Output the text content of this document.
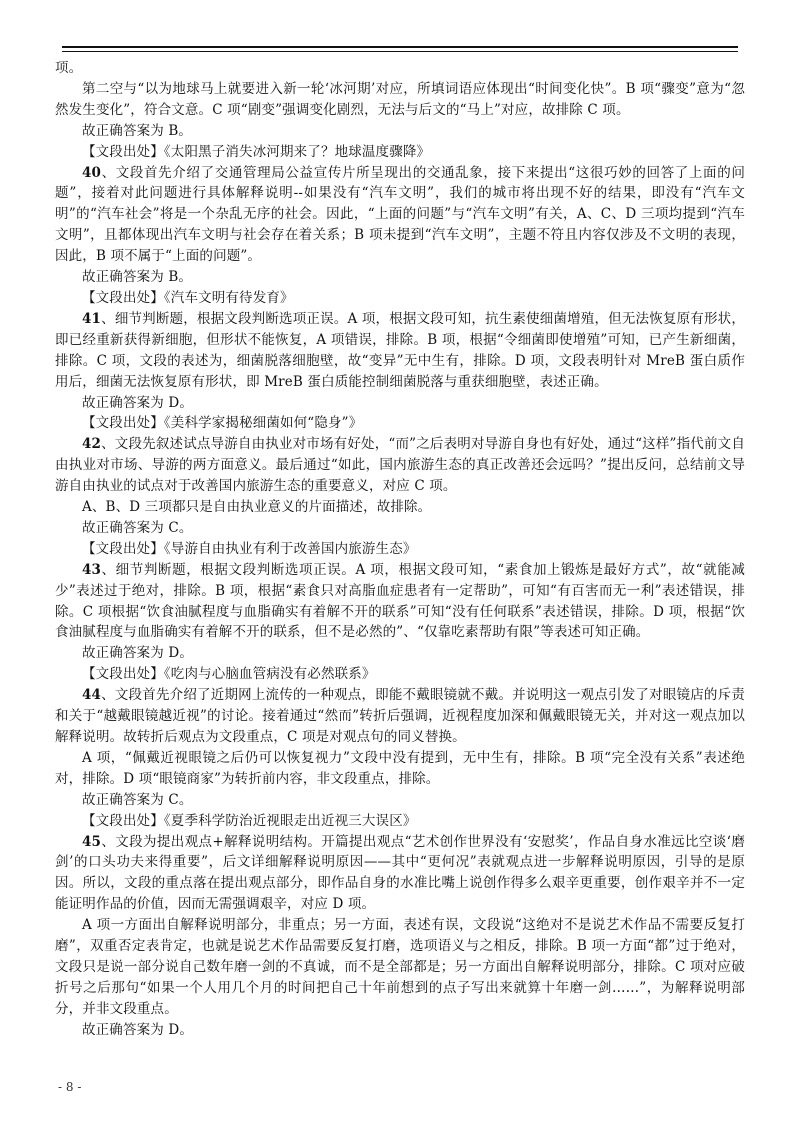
项。

第二空与“以为地球马上就要进入新一轮‘冰河期’对应，所填词语应体现出“时间变化快”。B 项“骤变”意为“忽然发生变化”，符合文意。C 项“剧变”强调变化剧烈，无法与后文的“马上”对应，故排除 C 项。

故正确答案为 B。

【文段出处】《太阳黑子消失冰河期来了？地球温度骤降》

40、文段首先介绍了交通管理局公益宣传片所呈现出的交通乱象，接下来提出“这很巧妙的回答了上面的问题”，接着对此问题进行具体解释说明--如果没有“汽车文明”，我们的城市将出现不好的结果，即没有“汽车文明”的“汽车社会”将是一个杂乱无序的社会。因此，“上面的问题”与“汽车文明”有关，A、C、D 三项均提到“汽车文明”，且都体现出汽车文明与社会存在着关系；B 项未提到“汽车文明”，主题不符且内容仅涉及不文明的表现，因此，B 项不属于“上面的问题”。

故正确答案为 B。

【文段出处】《汽车文明有待发育》

41、细节判断题，根据文段判断选项正误。A 项，根据文段可知，抗生素使细菌增殖，但无法恢复原有形状，即已经重新获得新细胞，但形状不能恢复，A 项错误，排除。B 项，根据“令细菌即使增殖”可知，已产生新细菌，排除。C 项，文段的表述为，细菌脱落细胞壁，故“变异”无中生有，排除。D 项，文段表明针对 MreB 蛋白质作用后，细菌无法恢复原有形状，即 MreB 蛋白质能控制细菌脱落与重获细胞壁，表述正确。

故正确答案为 D。

【文段出处】《美科学家揭秘细菌如何“隐身”》

42、文段先叙述试点导游自由执业对市场有好处，“而”之后表明对导游自身也有好处，通过“这样”指代前文自由执业对市场、导游的两方面意义。最后通过“如此，国内旅游生态的真正改善还会远吗？”提出反问，总结前文导游自由执业的试点对于改善国内旅游生态的重要意义，对应 C 项。

A、B、D 三项都只是自由执业意义的片面描述，故排除。

故正确答案为 C。

【文段出处】《导游自由执业有利于改善国内旅游生态》

43、细节判断题，根据文段判断选项正误。A 项，根据文段可知，“素食加上锻炼是最好方式”，故“就能减少”表述过于绝对，排除。B 项，根据“素食只对高脂血症患者有一定帮助”，可知“有百害而无一利”表述错误，排除。C 项根据“饮食油腻程度与血脂确实有着解不开的联系”可知“没有任何联系”表述错误，排除。D 项，根据“饮食油腻程度与血脂确实有着解不开的联系，但不是必然的”、“仅靠吃素帮助有限”等表述可知正确。

故正确答案为 D。

【文段出处】《吃肉与心脑血管病没有必然联系》

44、文段首先介绍了近期网上流传的一种观点，即能不戴眼镜就不戴。并说明这一观点引发了对眼镜店的斥责和关于“越戴眼镜越近视”的讨论。接着通过“然而”转折后强调，近视程度加深和佩戴眼镜无关，并对这一观点加以解释说明。故转折后观点为文段重点，C 项是对观点句的同义替换。

A 项，“佩戴近视眼镜之后仍可以恢复视力”文段中没有提到，无中生有，排除。B 项“完全没有关系”表述绝对，排除。D 项“眼镜商家”为转折前内容，非文段重点，排除。

故正确答案为 C。

【文段出处】《夏季科学防治近视眼走出近视三大误区》

45、文段为提出观点+解释说明结构。开篇提出观点“艺术创作世界没有‘安慰奖’，作品自身水准远比空谈‘磨剑’的口头功夫来得重要”，后文详细解释说明原因——其中“更何况”表就观点进一步解释说明原因，引导的是原因。所以，文段的重点落在提出观点部分，即作品自身的水准比嘴上说创作得多么艰辛更重要，创作艰辛并不一定能证明作品的价值，因而无需强调艰辛，对应 D 项。

A 项一方面出自解释说明部分，非重点；另一方面，表述有误，文段说“这绝对不是说艺术作品不需要反复打磨”，双重否定表肯定，也就是说艺术作品需要反复打磨，选项语义与之相反，排除。B 项一方面“都”过于绝对，文段只是说一部分说自己数年磨一剑的不真诚，而不是全部都是；另一方面出自解释说明部分，排除。C 项对应破折号之后那句“如果一个人用几个月的时间把自己十年前想到的点子写出来就算十年磨一剑……”，为解释说明部分，并非文段重点。

故正确答案为 D。

- 8 -
